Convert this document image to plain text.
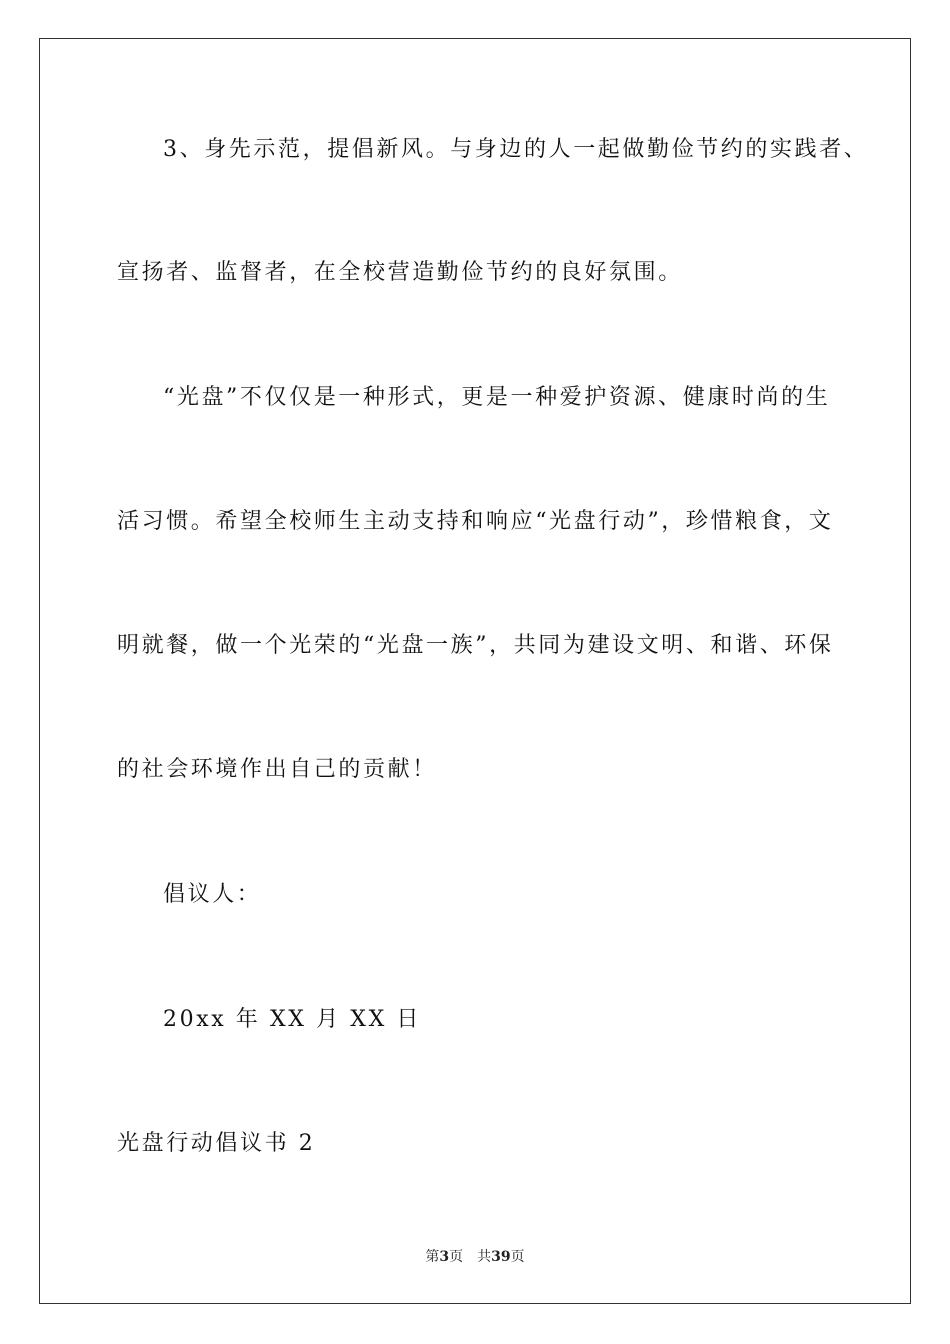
3、身先示范，提倡新风。与身边的人一起做勤俭节约的实践者、
宣扬者、监督者，在全校营造勤俭节约的良好氛围。
“光盘”不仅仅是一种形式，更是一种爱护资源、健康时尚的生
活习惯。希望全校师生主动支持和响应“光盘行动”，珍惜粮食，文
明就餐，做一个光荣的“光盘一族”，共同为建设文明、和谐、环保
的社会环境作出自己的贡献！
倡议人：
20xx 年 XX 月 XX 日
光盘行动倡议书 2
第3页 共39页
